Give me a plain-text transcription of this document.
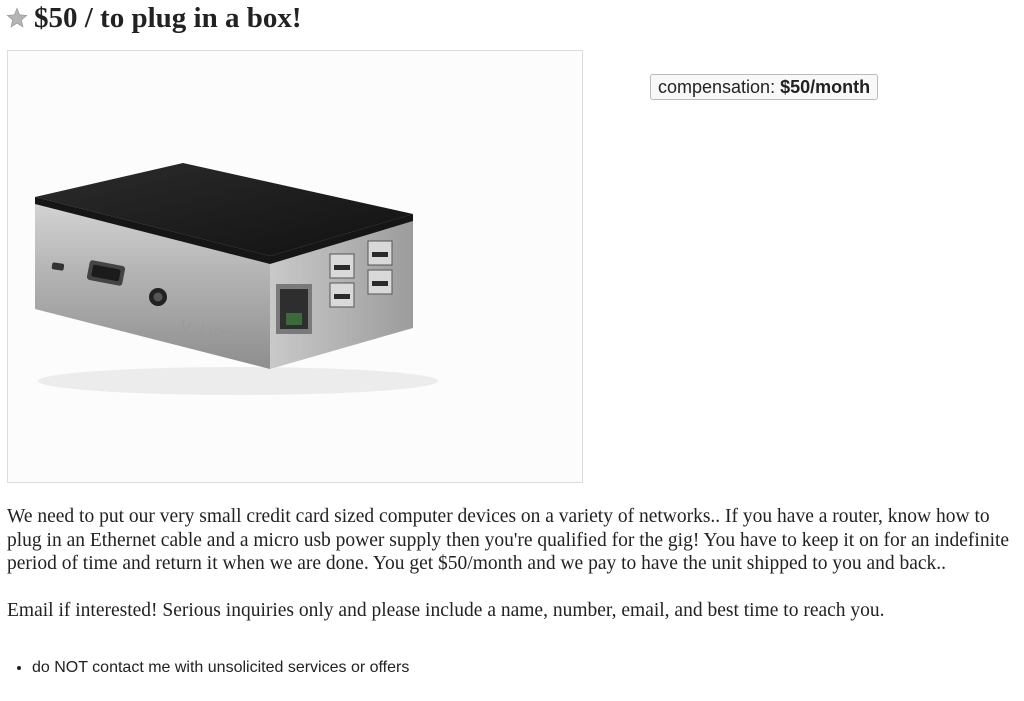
$50 / to plug in a box!
V_LIRC
compensation: $50/month

We need to put our very small credit card sized computer devices on a variety of networks.. If you have a router, know how to plug in an Ethernet cable and a micro usb power supply then you're qualified for the gig! You have to keep it on for an indefinite period of time and return it when we are done. You get $50/month and we pay to have the unit shipped to you and back..

Email if interested! Serious inquiries only and please include a name, number, email, and best time to reach you.

• do NOT contact me with unsolicited services or offers
